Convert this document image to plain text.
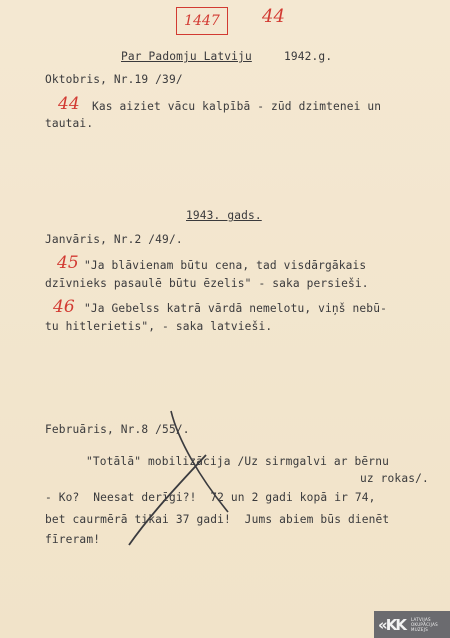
1447 44
Par Padomju Latviju	1942.g.
Oktobris, Nr.19 /39/
44 Kas aiziet vācu kalpībā - zūd dzimtenei un
tautai.
1943. gads.
Janvāris, Nr.2 /49/.
45 "Ja blāvienam būtu cena, tad visdārgākais
dzīvnieks pasaulē būtu ēzelis" - saka persieši.
46 "Ja Gebelss katrā vārdā nemelotu, viņš nebū-
tu hitlerietis", - saka latvieši.
Februāris, Nr.8 /55/.
"Totālā" mobilizācija /Uz sirmgalvi ar bērnu
uz rokas/.
- Ko?  Neesat derīgi?!  72 un 2 gadi kopā ir 74,
bet caurmērā tikai 37 gadi!  Jums abiem būs dienēt
fīreram!
«KK LATVIJAS
OKUPĀCIJAS
MUZEJS
